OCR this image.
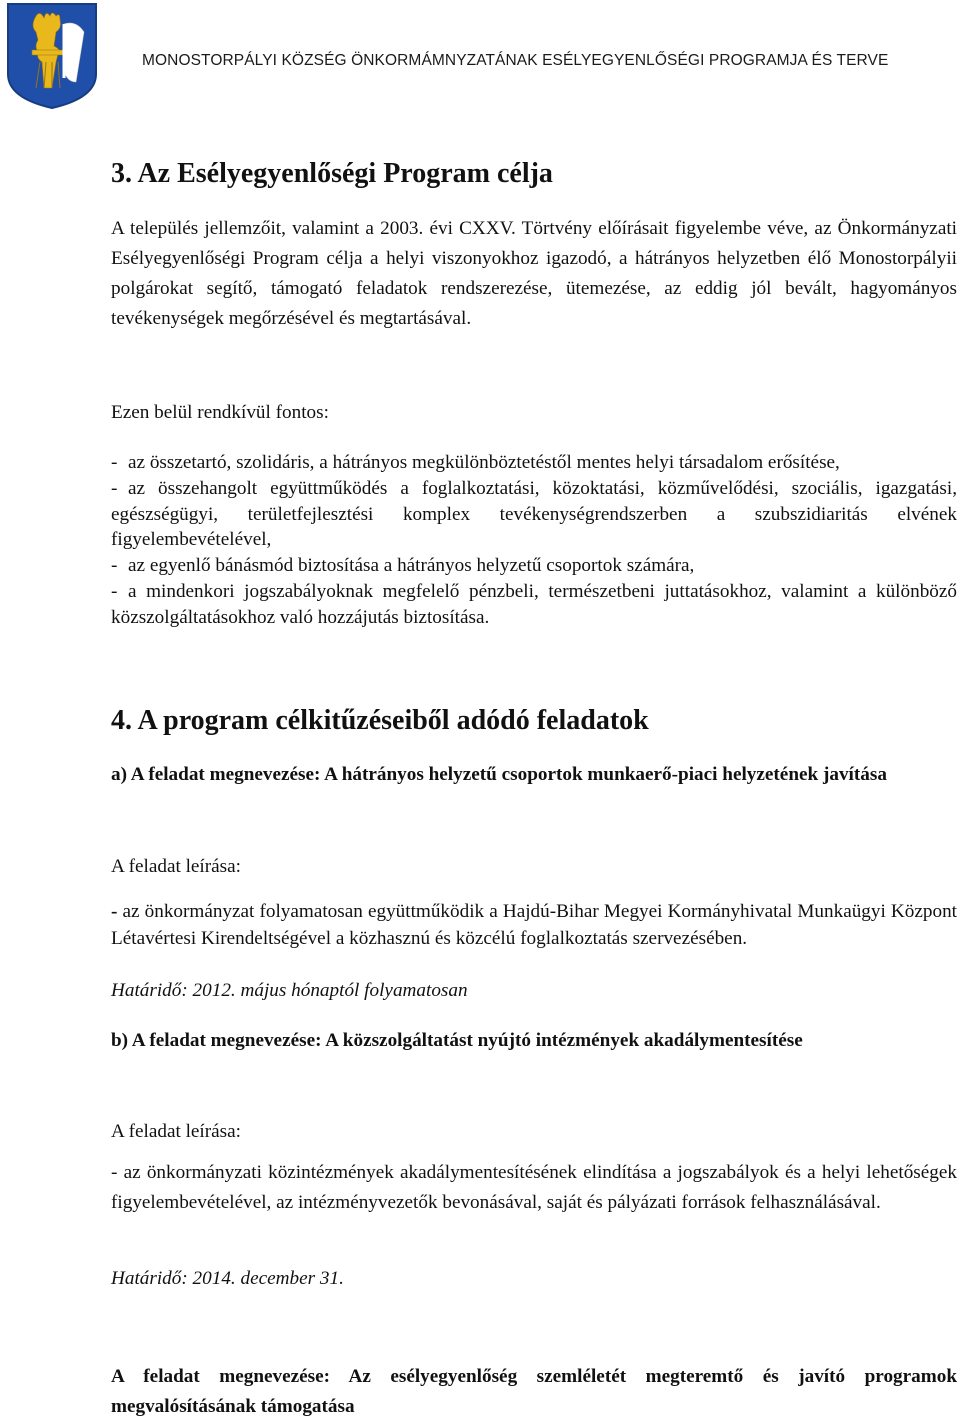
MONOSTORPÁLYI KÖZSÉG ÖNKORMÁMNYZATÁNAK ESÉLYEGYENLŐSÉGI PROGRAMJA ÉS TERVE
3. Az Esélyegyenlőségi Program célja
A település jellemzőit, valamint a 2003. évi CXXV. Törtvény előírásait figyelembe véve, az Önkormányzati Esélyegyenlőségi Program célja a helyi viszonyokhoz igazodó, a hátrányos helyzetben élő Monostorpályii polgárokat segítő, támogató feladatok rendszerezése, ütemezése, az eddig jól bevált, hagyományos tevékenységek megőrzésével és megtartásával.
Ezen belül rendkívül fontos:
- az összetartó, szolidáris, a hátrányos megkülönböztetéstől mentes helyi társadalom erősítése,
- az összehangolt együttműködés a foglalkoztatási, közoktatási, közművelődési, szociális, igazgatási, egészségügyi, területfejlesztési komplex tevékenységrendszerben a szubszidiaritás elvének figyelembevételével,
- az egyenlő bánásmód biztosítása a hátrányos helyzetű csoportok számára,
- a mindenkori jogszabályoknak megfelelő pénzbeli, természetbeni juttatásokhoz, valamint a különböző közszolgáltatásokhoz való hozzájutás biztosítása.
4. A program célkitűzéseiből adódó feladatok
a) A feladat megnevezése: A hátrányos helyzetű csoportok munkaerő-piaci helyzetének javítása
A feladat leírása:
- az önkormányzat folyamatosan együttműködik a Hajdú-Bihar Megyei Kormányhivatal Munkaügyi Központ Létavértesi Kirendeltségével a közhasznú és közcélú foglalkoztatás szervezésében.
Határidő: 2012. május hónaptól folyamatosan
b) A feladat megnevezése: A közszolgáltatást nyújtó intézmények akadálymentesítése
A feladat leírása:
- az önkormányzati közintézmények akadálymentesítésének elindítása a jogszabályok és a helyi lehetőségek figyelembevételével, az intézményvezetők bevonásával, saját és pályázati források felhasználásával.
Határidő: 2014. december 31.
A feladat megnevezése: Az esélyegyenlőség szemléletét megteremtő és javító programok megvalósításának támogatása
